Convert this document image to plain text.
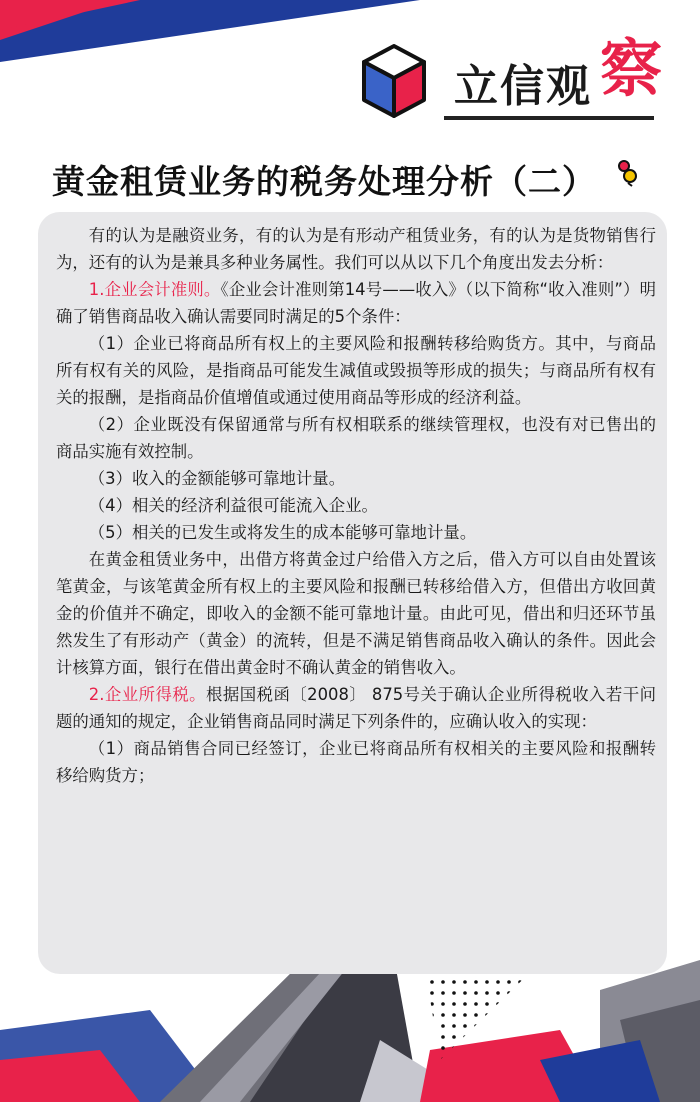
立信观 察
黄金租赁业务的税务处理分析（二）

有的认为是融资业务，有的认为是有形动产租赁业务，有的认为是货物销售行为，还有的认为是兼具多种业务属性。我们可以从以下几个角度出发去分析：

1.企业会计准则。《企业会计准则第14号——收入》（以下简称“收入准则”）明确了销售商品收入确认需要同时满足的5个条件：

（1）企业已将商品所有权上的主要风险和报酬转移给购货方。其中，与商品所有权有关的风险，是指商品可能发生减值或毁损等形成的损失；与商品所有权有关的报酬，是指商品价值增值或通过使用商品等形成的经济利益。

（2）企业既没有保留通常与所有权相联系的继续管理权，也没有对已售出的商品实施有效控制。

（3）收入的金额能够可靠地计量。

（4）相关的经济利益很可能流入企业。

（5）相关的已发生或将发生的成本能够可靠地计量。

在黄金租赁业务中，出借方将黄金过户给借入方之后，借入方可以自由处置该笔黄金，与该笔黄金所有权上的主要风险和报酬已转移给借入方，但借出方收回黄金的价值并不确定，即收入的金额不能可靠地计量。由此可见，借出和归还环节虽然发生了有形动产（黄金）的流转，但是不满足销售商品收入确认的条件。因此会计核算方面，银行在借出黄金时不确认黄金的销售收入。

2.企业所得税。根据国税函〔2008〕 875号关于确认企业所得税收入若干问题的通知的规定，企业销售商品同时满足下列条件的，应确认收入的实现：

（1）商品销售合同已经签订，企业已将商品所有权相关的主要风险和报酬转移给购货方；
